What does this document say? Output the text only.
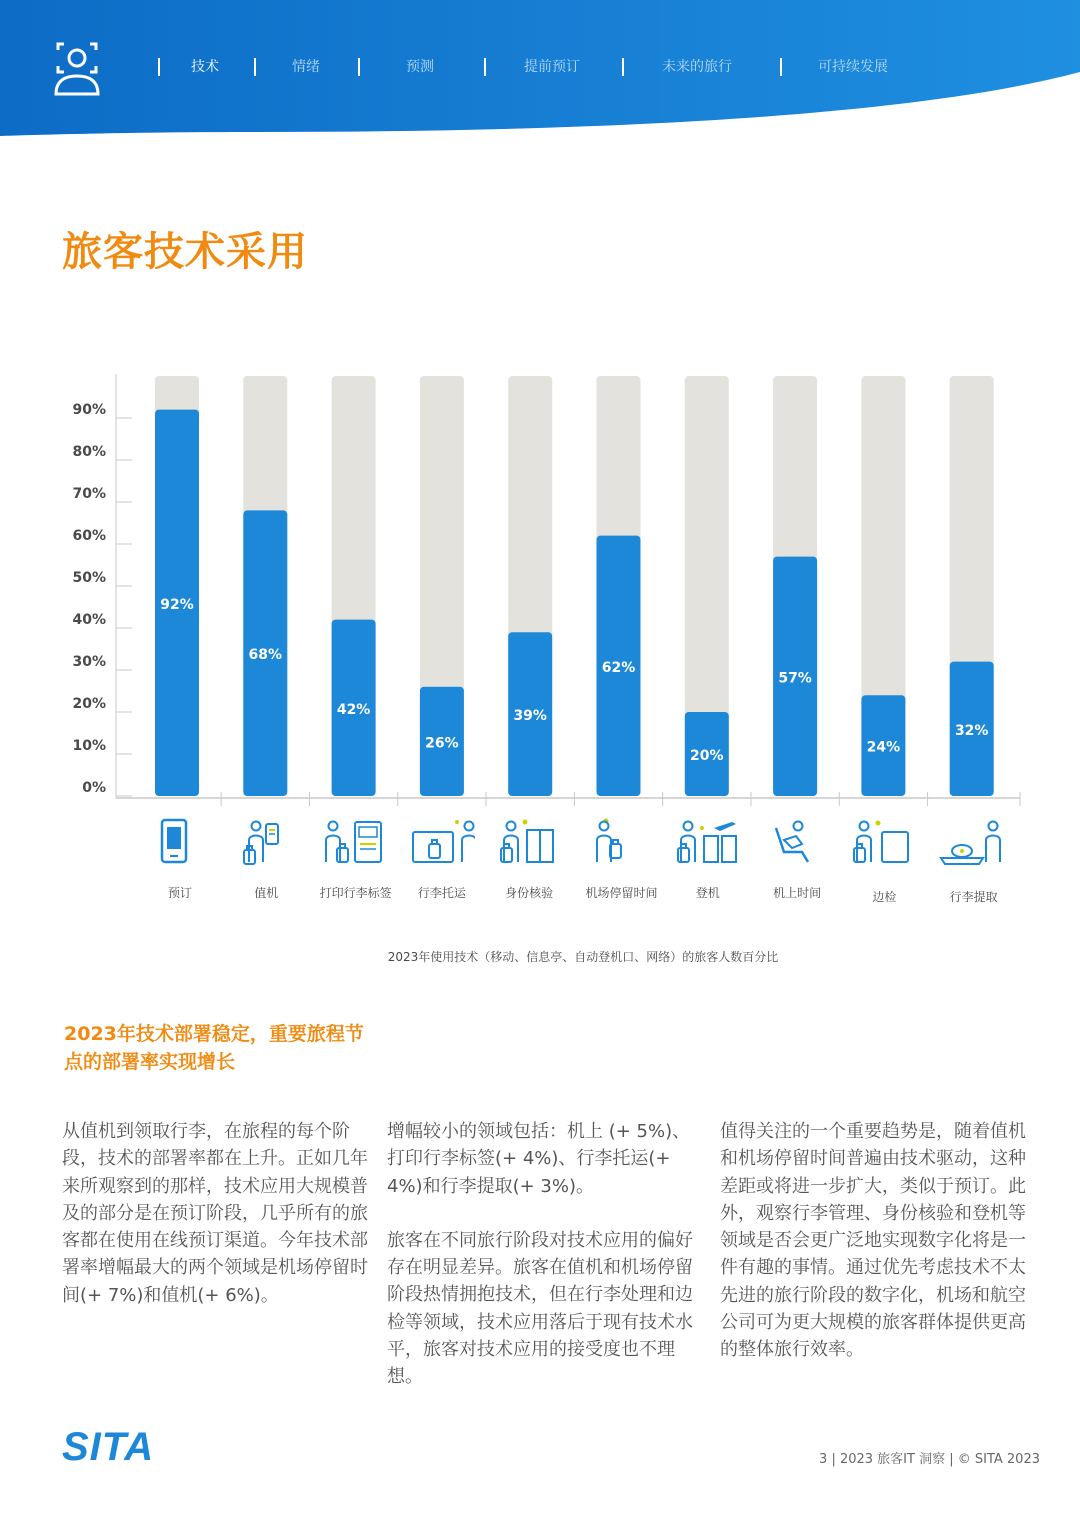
技术	情绪	预测	提前预订	未来的旅行	可持续发展
旅客技术采用
0%
10%
20%
30%
40%
50%
60%
70%
80%
90%
92%
68%
42%
26%
39%
62%
20%
57%
24%
32%
预订	值机	打印行李标签	行李托运	身份核验	机场停留时间	登机	机上时间	边检	行李提取
2023年使用技术（移动、信息亭、自动登机口、网络）的旅客人数百分比
2023年技术部署稳定，重要旅程节点的部署率实现增长

从值机到领取行李，在旅程的每个阶段，技术的部署率都在上升。正如几年来所观察到的那样，技术应用大规模普及的部分是在预订阶段，几乎所有的旅客都在使用在线预订渠道。今年技术部署率增幅最大的两个领域是机场停留时间(+ 7%)和值机(+ 6%)。

增幅较小的领域包括：机上 (+ 5%)、打印行李标签(+ 4%)、行李托运(+ 4%)和行李提取(+ 3%)。

旅客在不同旅行阶段对技术应用的偏好存在明显差异。旅客在值机和机场停留阶段热情拥抱技术，但在行李处理和边检等领域，技术应用落后于现有技术水平，旅客对技术应用的接受度也不理想。

值得关注的一个重要趋势是，随着值机和机场停留时间普遍由技术驱动，这种差距或将进一步扩大，类似于预订。此外，观察行李管理、身份核验和登机等领域是否会更广泛地实现数字化将是一件有趣的事情。通过优先考虑技术不太先进的旅行阶段的数字化，机场和航空公司可为更大规模的旅客群体提供更高的整体旅行效率。

SITA	3 | 2023 旅客IT 洞察 | © SITA 2023
